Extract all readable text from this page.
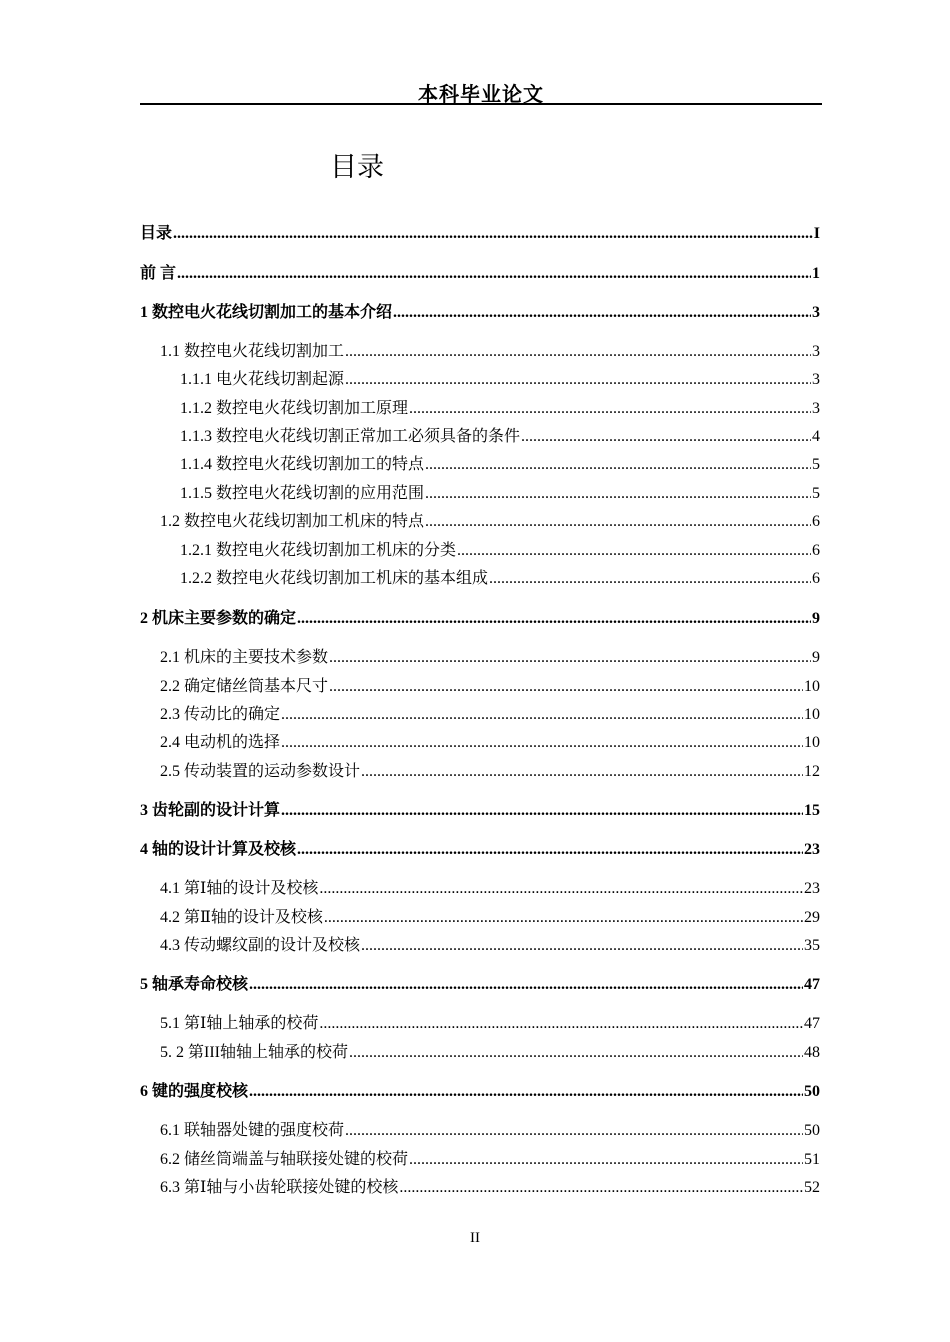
本科毕业论文
目录
目录 .....	I
前 言 .....	1
1 数控电火花线切割加工的基本介绍 .....	3
1.1 数控电火花线切割加工 .....	3
1.1.1 电火花线切割起源 .....	3
1.1.2 数控电火花线切割加工原理 .....	3
1.1.3 数控电火花线切割正常加工必须具备的条件 .....	4
1.1.4 数控电火花线切割加工的特点 .....	5
1.1.5 数控电火花线切割的应用范围 .....	5
1.2 数控电火花线切割加工机床的特点 .....	6
1.2.1 数控电火花线切割加工机床的分类 .....	6
1.2.2 数控电火花线切割加工机床的基本组成 .....	6
2 机床主要参数的确定 .....	9
2.1 机床的主要技术参数 .....	9
2.2 确定储丝筒基本尺寸 .....	10
2.3 传动比的确定 .....	10
2.4 电动机的选择 .....	10
2.5 传动装置的运动参数设计 .....	12
3 齿轮副的设计计算 .....	15
4 轴的设计计算及校核 .....	23
4.1 第Ⅰ轴的设计及校核 .....	23
4.2 第Ⅱ轴的设计及校核 .....	29
4.3 传动螺纹副的设计及校核 .....	35
5 轴承寿命校核 .....	47
5.1 第Ⅰ轴上轴承的校荷 .....	47
5. 2 第III轴轴上轴承的校荷 .....	48
6 键的强度校核 .....	50
6.1 联轴器处键的强度校荷 .....	50
6.2 储丝筒端盖与轴联接处键的校荷 .....	51
6.3 第Ⅰ轴与小齿轮联接处键的校核 .....	52
II
